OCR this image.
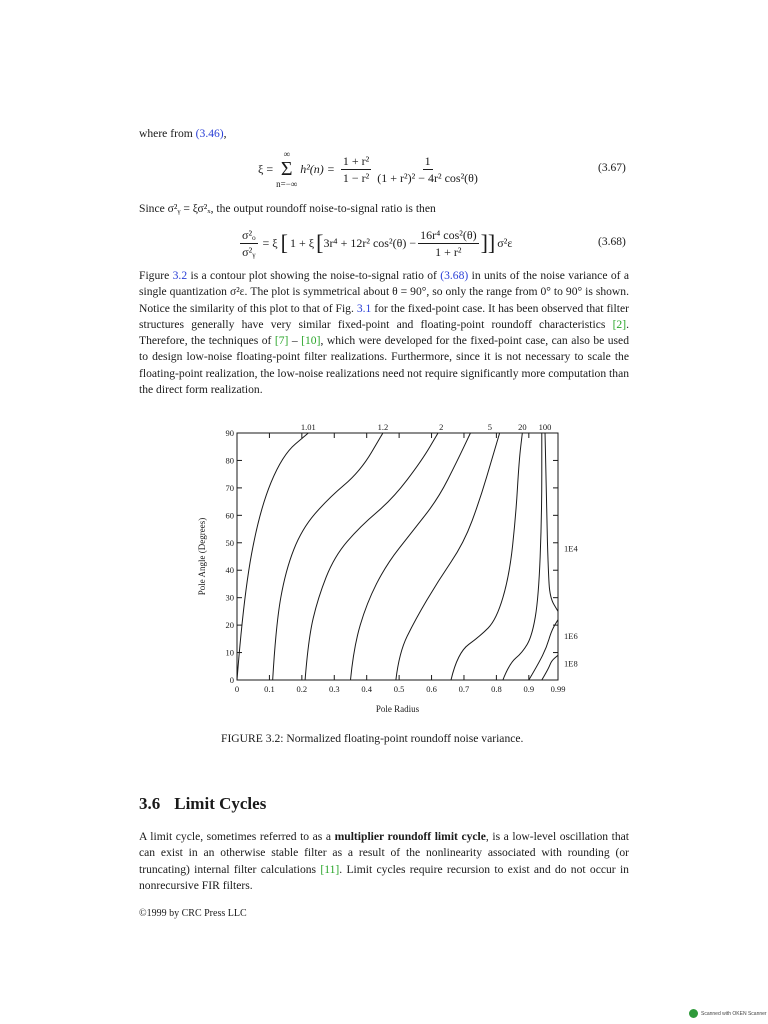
where from (3.46),
ξ =
∞
Σ
n=−∞
$h^2(n) = \frac{\text{1 + r²}}{\text{1 − r²}} \frac{1}{\text{(1 + r²)² − 4r² cos²(θ)}}$	(3.67)
Since σ²ᵧ = ξσ²ₓ, the output roundoff noise-to-signal ratio is then
$\frac{\text{σ²ₒ}}{\text{σ²ᵧ}} = \xi$ [ 1 + ξ [ 3r⁴ + 12r² $\cos^2(\theta) - \frac{\text{16r⁴ cos²(θ)}}{\text{1 + r²}}$ ]] σ²ε	(3.68)

Figure 3.2 is a contour plot showing the noise-to-signal ratio of (3.68) in units of the noise variance of a single quantization σ²ε. The plot is symmetrical about θ = 90°, so only the range from 0° to 90° is shown. Notice the similarity of this plot to that of Fig. 3.1 for the fixed-point case. It has been observed that filter structures generally have very similar fixed-point and floating-point roundoff characteristics [2]. Therefore, the techniques of [7] – [10], which were developed for the fixed-point case, can also be used to design low-noise floating-point filter realizations. Furthermore, since it is not necessary to scale the floating-point realization, the low-noise realizations need not require significantly more computation than the direct form realization.

0	0.1	0.2	0.3	0.4	0.5	0.6	0.7	0.8	0.9 0.99
0
10
20
30
40
50
60
70
80
90
Pole Radius
Pole Angle (Degrees)
1.01	1.2	2	5	20 100
1E4
1E6
1E8
FIGURE 3.2: Normalized floating-point roundoff noise variance.
3.6 Limit Cycles

A limit cycle, sometimes referred to as a multiplier roundoff limit cycle, is a low-level oscillation that can exist in an otherwise stable filter as a result of the nonlinearity associated with rounding (or truncating) internal filter calculations [11]. Limit cycles require recursion to exist and do not occur in nonrecursive FIR filters.

©1999 by CRC Press LLC
Scanned with OKEN Scanner
